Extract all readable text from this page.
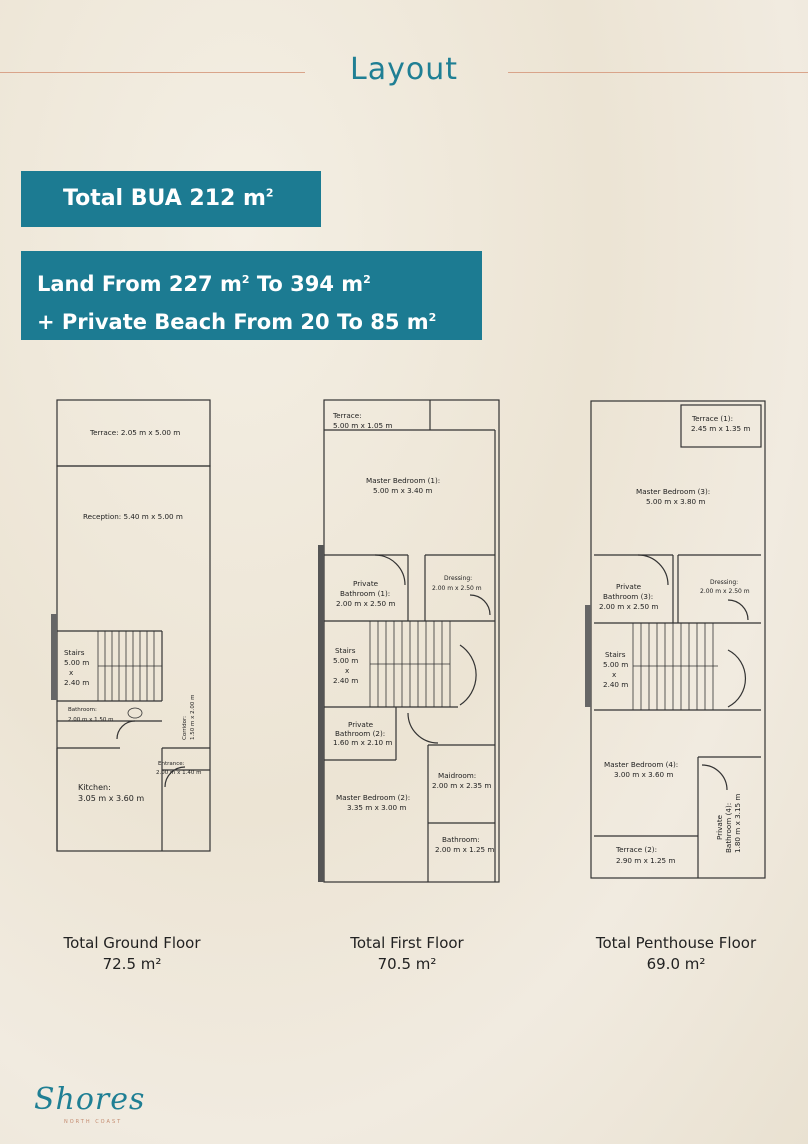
Layout
Total BUA 212 $m^2$
Land From 227 $m^2$ To 394 $m^2$
+ Private Beach From 20 To 85 $m^2$
Terrace: 2.05 m x 5.00 m
Reception: 5.40 m x 5.00 m
Stairs
5.00 m
x
2.40 m
Bathroom:
2.00 m x 1.50 m	Corridor: 1.50 m x 2.00 m
Entrance:
2.00 m x 1.40 m
Kitchen:
3.05 m x 3.60 m
Terrace:
5.00 m x 1.05 m
Master Bedroom (1):
5.00 m x 3.40 m
Private
Bathroom (1):
2.00 m x 2.50 m
Dressing:
2.00 m x 2.50 m
Stairs
5.00 m
x
2.40 m
Private
Bathroom (2):
1.60 m x 2.10 m
Maidroom:
2.00 m x 2.35 m
Master Bedroom (2):
3.35 m x 3.00 m
Bathroom:
2.00 m x 1.25 m
Terrace (1):
2.45 m x 1.35 m
Master Bedroom (3):
5.00 m x 3.80 m
Private
Bathroom (3):
2.00 m x 2.50 m
Dressing:
2.00 m x 2.50 m
Stairs
5.00 m
x
2.40 m
Master Bedroom (4):
3.00 m x 3.60 m
Private Bathroom (4): 1.80 m x 3.15 m
Terrace (2):
2.90 m x 1.25 m
Total Ground Floor
72.5 m²
Total First Floor
70.5 m²
Total Penthouse Floor
69.0 m²
Shores
NORTH COAST
